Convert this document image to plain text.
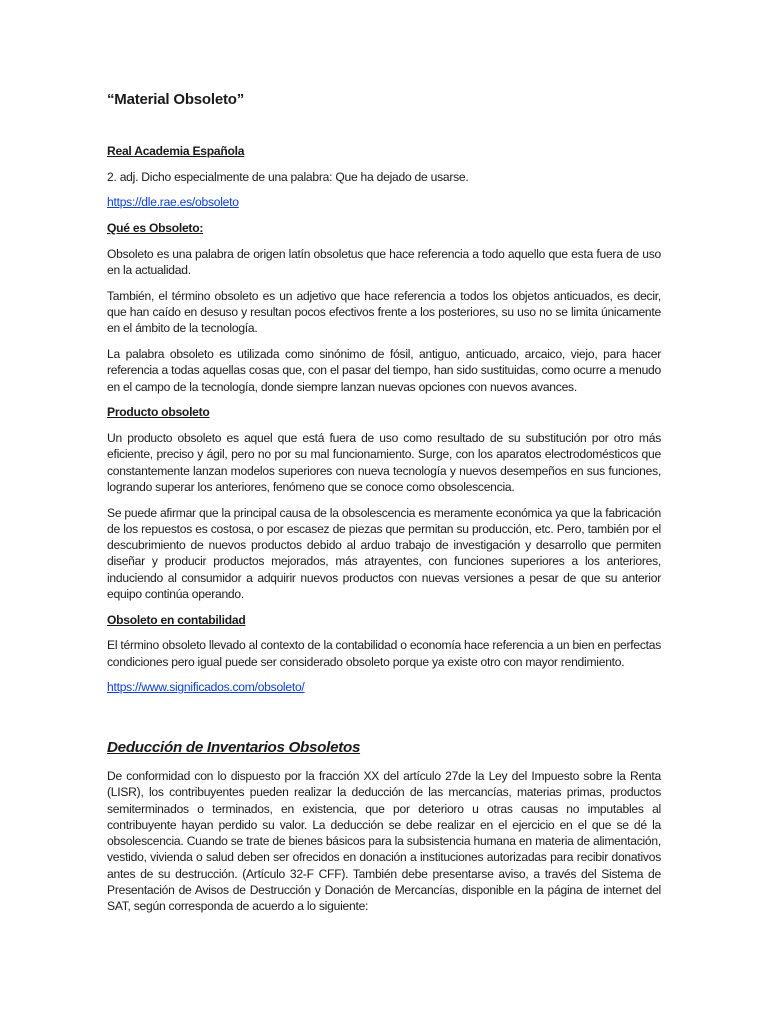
“Material Obsoleto”

Real Academia Española

2. adj. Dicho especialmente de una palabra: Que ha dejado de usarse.

https://dle.rae.es/obsoleto

Qué es Obsoleto:

Obsoleto es una palabra de origen latín obsoletus que hace referencia a todo aquello que esta fuera de uso en la actualidad.

También, el término obsoleto es un adjetivo que hace referencia a todos los objetos anticuados, es decir, que han caído en desuso y resultan pocos efectivos frente a los posteriores, su uso no se limita únicamente en el ámbito de la tecnología.

La palabra obsoleto es utilizada como sinónimo de fósil, antiguo, anticuado, arcaico, viejo, para hacer referencia a todas aquellas cosas que, con el pasar del tiempo, han sido sustituidas, como ocurre a menudo en el campo de la tecnología, donde siempre lanzan nuevas opciones con nuevos avances.

Producto obsoleto

Un producto obsoleto es aquel que está fuera de uso como resultado de su substitución por otro más eficiente, preciso y ágil, pero no por su mal funcionamiento. Surge, con los aparatos electrodomésticos que constantemente lanzan modelos superiores con nueva tecnología y nuevos desempeños en sus funciones, logrando superar los anteriores, fenómeno que se conoce como obsolescencia.

Se puede afirmar que la principal causa de la obsolescencia es meramente económica ya que la fabricación de los repuestos es costosa, o por escasez de piezas que permitan su producción, etc. Pero, también por el descubrimiento de nuevos productos debido al arduo trabajo de investigación y desarrollo que permiten diseñar y producir productos mejorados, más atrayentes, con funciones superiores a los anteriores, induciendo al consumidor a adquirir nuevos productos con nuevas versiones a pesar de que su anterior equipo continúa operando.

Obsoleto en contabilidad

El término obsoleto llevado al contexto de la contabilidad o economía hace referencia a un bien en perfectas condiciones pero igual puede ser considerado obsoleto porque ya existe otro con mayor rendimiento.

https://www.significados.com/obsoleto/

Deducción de Inventarios Obsoletos

De conformidad con lo dispuesto por la fracción XX del artículo 27de la Ley del Impuesto sobre la Renta (LISR), los contribuyentes pueden realizar la deducción de las mercancías, materias primas, productos semiterminados o terminados, en existencia, que por deterioro u otras causas no imputables al contribuyente hayan perdido su valor. La deducción se debe realizar en el ejercicio en el que se dé la obsolescencia. Cuando se trate de bienes básicos para la subsistencia humana en materia de alimentación, vestido, vivienda o salud deben ser ofrecidos en donación a instituciones autorizadas para recibir donativos antes de su destrucción. (Artículo 32-F CFF). También debe presentarse aviso, a través del Sistema de Presentación de Avisos de Destrucción y Donación de Mercancías, disponible en la página de internet del SAT, según corresponda de acuerdo a lo siguiente:
